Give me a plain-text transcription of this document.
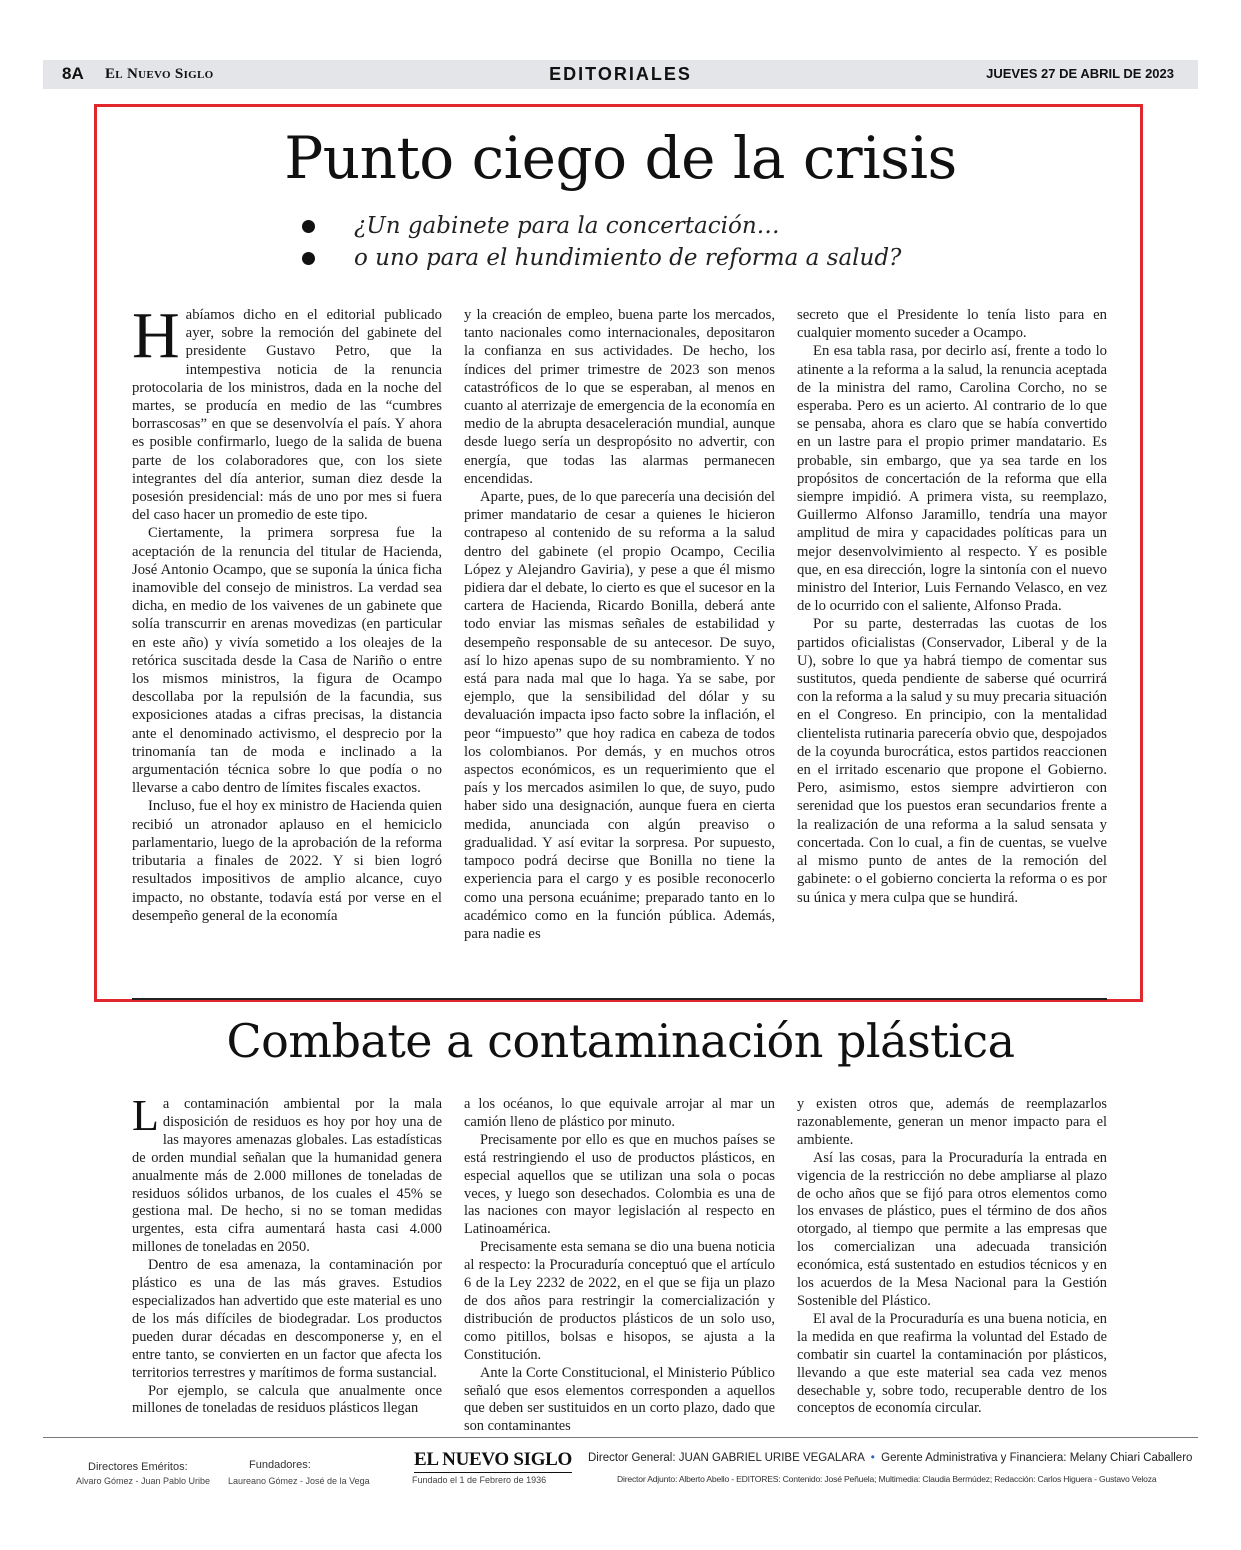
8A El Nuevo Siglo	EDITORIALES	JUEVES 27 DE ABRIL DE 2023
Punto ciego de la crisis
¿Un gabinete para la concertación…
o uno para el hundimiento de reforma a salud?

Habíamos dicho en el editorial publicado ayer, sobre la remoción del gabinete del presidente Gustavo Petro, que la intempestiva noticia de la renuncia protocolaria de los ministros, dada en la noche del martes, se producía en medio de las “cumbres borrascosas” en que se desenvolvía el país. Y ahora es posible confirmarlo, luego de la salida de buena parte de los colaboradores que, con los siete integrantes del día anterior, suman diez desde la posesión presidencial: más de uno por mes si fuera del caso hacer un promedio de este tipo.

Ciertamente, la primera sorpresa fue la aceptación de la renuncia del titular de Hacienda, José Antonio Ocampo, que se suponía la única ficha inamovible del consejo de ministros. La verdad sea dicha, en medio de los vaivenes de un gabinete que solía transcurrir en arenas movedizas (en particular en este año) y vivía sometido a los oleajes de la retórica suscitada desde la Casa de Nariño o entre los mismos ministros, la figura de Ocampo descollaba por la repulsión de la facundia, sus exposiciones atadas a cifras precisas, la distancia ante el denominado activismo, el desprecio por la trinomanía tan de moda e inclinado a la argumentación técnica sobre lo que podía o no llevarse a cabo dentro de límites fiscales exactos.

Incluso, fue el hoy ex ministro de Hacienda quien recibió un atronador aplauso en el hemiciclo parlamentario, luego de la aprobación de la reforma tributaria a finales de 2022. Y si bien logró resultados impositivos de amplio alcance, cuyo impacto, no obstante, todavía está por verse en el desempeño general de la economía

y la creación de empleo, buena parte los mercados, tanto nacionales como internacionales, depositaron la confianza en sus actividades. De hecho, los índices del primer trimestre de 2023 son menos catastróficos de lo que se esperaban, al menos en cuanto al aterrizaje de emergencia de la economía en medio de la abrupta desaceleración mundial, aunque desde luego sería un despropósito no advertir, con energía, que todas las alarmas permanecen encendidas.

Aparte, pues, de lo que parecería una decisión del primer mandatario de cesar a quienes le hicieron contrapeso al contenido de su reforma a la salud dentro del gabinete (el propio Ocampo, Cecilia López y Alejandro Gaviria), y pese a que él mismo pidiera dar el debate, lo cierto es que el sucesor en la cartera de Hacienda, Ricardo Bonilla, deberá ante todo enviar las mismas señales de estabilidad y desempeño responsable de su antecesor. De suyo, así lo hizo apenas supo de su nombramiento. Y no está para nada mal que lo haga. Ya se sabe, por ejemplo, que la sensibilidad del dólar y su devaluación impacta ipso facto sobre la inflación, el peor “impuesto” que hoy radica en cabeza de todos los colombianos. Por demás, y en muchos otros aspectos económicos, es un requerimiento que el país y los mercados asimilen lo que, de suyo, pudo haber sido una designación, aunque fuera en cierta medida, anunciada con algún preaviso o gradualidad. Y así evitar la sorpresa. Por supuesto, tampoco podrá decirse que Bonilla no tiene la experiencia para el cargo y es posible reconocerlo como una persona ecuánime; preparado tanto en lo académico como en la función pública. Además, para nadie es

secreto que el Presidente lo tenía listo para en cualquier momento suceder a Ocampo.

En esa tabla rasa, por decirlo así, frente a todo lo atinente a la reforma a la salud, la renuncia aceptada de la ministra del ramo, Carolina Corcho, no se esperaba. Pero es un acierto. Al contrario de lo que se pensaba, ahora es claro que se había convertido en un lastre para el propio primer mandatario. Es probable, sin embargo, que ya sea tarde en los propósitos de concertación de la reforma que ella siempre impidió. A primera vista, su reemplazo, Guillermo Alfonso Jaramillo, tendría una mayor amplitud de mira y capacidades políticas para un mejor desenvolvimiento al respecto. Y es posible que, en esa dirección, logre la sintonía con el nuevo ministro del Interior, Luis Fernando Velasco, en vez de lo ocurrido con el saliente, Alfonso Prada.

Por su parte, desterradas las cuotas de los partidos oficialistas (Conservador, Liberal y de la U), sobre lo que ya habrá tiempo de comentar sus sustitutos, queda pendiente de saberse qué ocurrirá con la reforma a la salud y su muy precaria situación en el Congreso. En principio, con la mentalidad clientelista rutinaria parecería obvio que, despojados de la coyunda burocrática, estos partidos reaccionen en el irritado escenario que propone el Gobierno. Pero, asimismo, estos siempre advirtieron con serenidad que los puestos eran secundarios frente a la realización de una reforma a la salud sensata y concertada. Con lo cual, a fin de cuentas, se vuelve al mismo punto de antes de la remoción del gabinete: o el gobierno concierta la reforma o es por su única y mera culpa que se hundirá.

Combate a contaminación plástica

La contaminación ambiental por la mala disposición de residuos es hoy por hoy una de las mayores amenazas globales. Las estadísticas de orden mundial señalan que la humanidad genera anualmente más de 2.000 millones de toneladas de residuos sólidos urbanos, de los cuales el 45% se gestiona mal. De hecho, si no se toman medidas urgentes, esta cifra aumentará hasta casi 4.000 millones de toneladas en 2050.

Dentro de esa amenaza, la contaminación por plástico es una de las más graves. Estudios especializados han advertido que este material es uno de los más difíciles de biodegradar. Los productos pueden durar décadas en descomponerse y, en el entre tanto, se convierten en un factor que afecta los territorios terrestres y marítimos de forma sustancial.

Por ejemplo, se calcula que anualmente once millones de toneladas de residuos plásticos llegan

a los océanos, lo que equivale arrojar al mar un camión lleno de plástico por minuto.

Precisamente por ello es que en muchos países se está restringiendo el uso de productos plásticos, en especial aquellos que se utilizan una sola o pocas veces, y luego son desechados. Colombia es una de las naciones con mayor legislación al respecto en Latinoamérica.

Precisamente esta semana se dio una buena noticia al respecto: la Procuraduría conceptuó que el artículo 6 de la Ley 2232 de 2022, en el que se fija un plazo de dos años para restringir la comercialización y distribución de productos plásticos de un solo uso, como pitillos, bolsas e hisopos, se ajusta a la Constitución.

Ante la Corte Constitucional, el Ministerio Público señaló que esos elementos corresponden a aquellos que deben ser sustituidos en un corto plazo, dado que son contaminantes

y existen otros que, además de reemplazarlos razonablemente, generan un menor impacto para el ambiente.

Así las cosas, para la Procuraduría la entrada en vigencia de la restricción no debe ampliarse al plazo de ocho años que se fijó para otros elementos como los envases de plástico, pues el término de dos años otorgado, al tiempo que permite a las empresas que los comercializan una adecuada transición económica, está sustentado en estudios técnicos y en los acuerdos de la Mesa Nacional para la Gestión Sostenible del Plástico.

El aval de la Procuraduría es una buena noticia, en la medida en que reafirma la voluntad del Estado de combatir sin cuartel la contaminación por plásticos, llevando a que este material sea cada vez menos desechable y, sobre todo, recuperable dentro de los conceptos de economía circular.

Directores Eméritos:
Alvaro Gómez - Juan Pablo Uribe
Fundadores:
Laureano Gómez - José de la Vega
EL NUEVO SIGLO
Fundado el 1 de Febrero de 1936
Director General: JUAN GABRIEL URIBE VEGALARA • Gerente Administrativa y Financiera: Melany Chiari Caballero
Director Adjunto: Alberto Abello - EDITORES: Contenido: José Peñuela; Multimedia: Claudia Bermúdez; Redacción: Carlos Higuera - Gustavo Veloza
